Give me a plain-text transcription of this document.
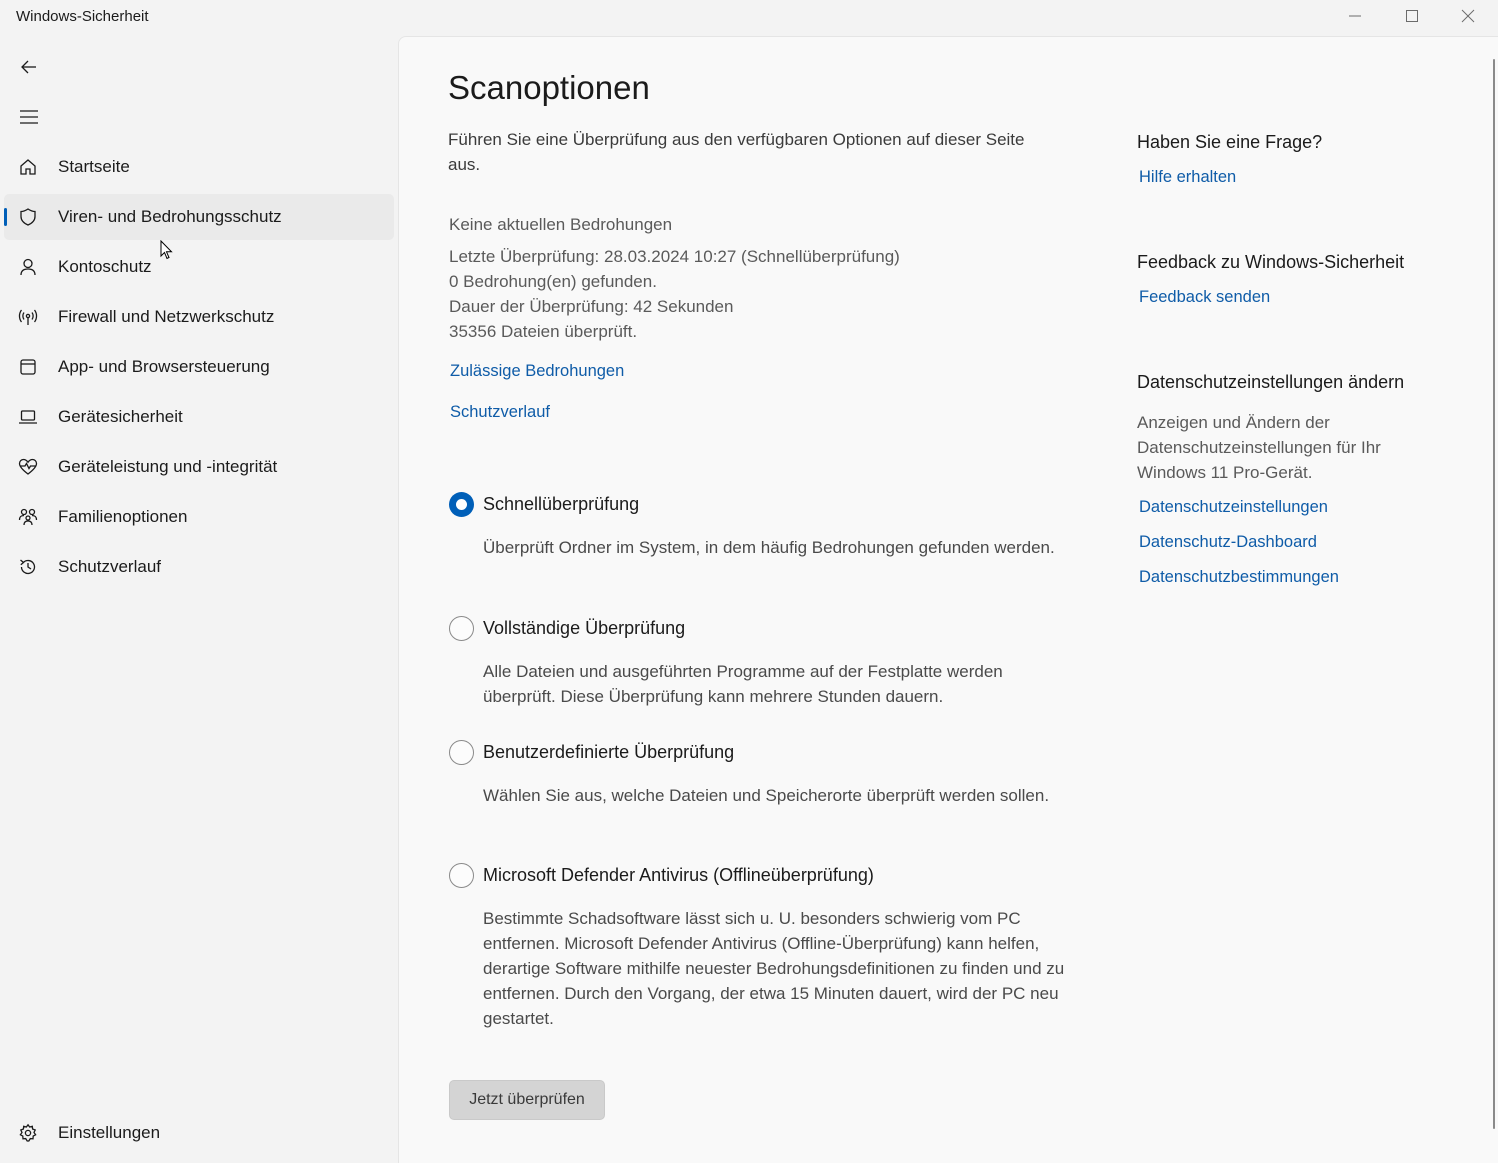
Windows-Sicherheit
Startseite
Viren- und Bedrohungsschutz
Kontoschutz
Firewall und Netzwerkschutz
App- und Browsersteuerung
Gerätesicherheit
Geräteleistung und -integrität
Familienoptionen
Schutzverlauf
Einstellungen
Scanoptionen

Führen Sie eine Überprüfung aus den verfügbaren Optionen auf dieser Seite aus.

Keine aktuellen Bedrohungen
Letzte Überprüfung: 28.03.2024 10:27 (Schnellüberprüfung)
0 Bedrohung(en) gefunden.
Dauer der Überprüfung: 42 Sekunden
35356 Dateien überprüft.
Zulässige Bedrohungen
Schutzverlauf
Schnellüberprüfung

Überprüft Ordner im System, in dem häufig Bedrohungen gefunden werden.

Vollständige Überprüfung

Alle Dateien und ausgeführten Programme auf der Festplatte werden überprüft. Diese Überprüfung kann mehrere Stunden dauern.

Benutzerdefinierte Überprüfung

Wählen Sie aus, welche Dateien und Speicherorte überprüft werden sollen.

Microsoft Defender Antivirus (Offlineüberprüfung)

Bestimmte Schadsoftware lässt sich u. U. besonders schwierig vom PC entfernen. Microsoft Defender Antivirus (Offline-Überprüfung) kann helfen, derartige Software mithilfe neuester Bedrohungsdefinitionen zu finden und zu entfernen. Durch den Vorgang, der etwa 15 Minuten dauert, wird der PC neu gestartet.

Jetzt überprüfen
Haben Sie eine Frage?
Hilfe erhalten
Feedback zu Windows-Sicherheit
Feedback senden
Datenschutzeinstellungen ändern

Anzeigen und Ändern der Datenschutzeinstellungen für Ihr Windows 11 Pro-Gerät.

Datenschutzeinstellungen
Datenschutz-Dashboard
Datenschutzbestimmungen
